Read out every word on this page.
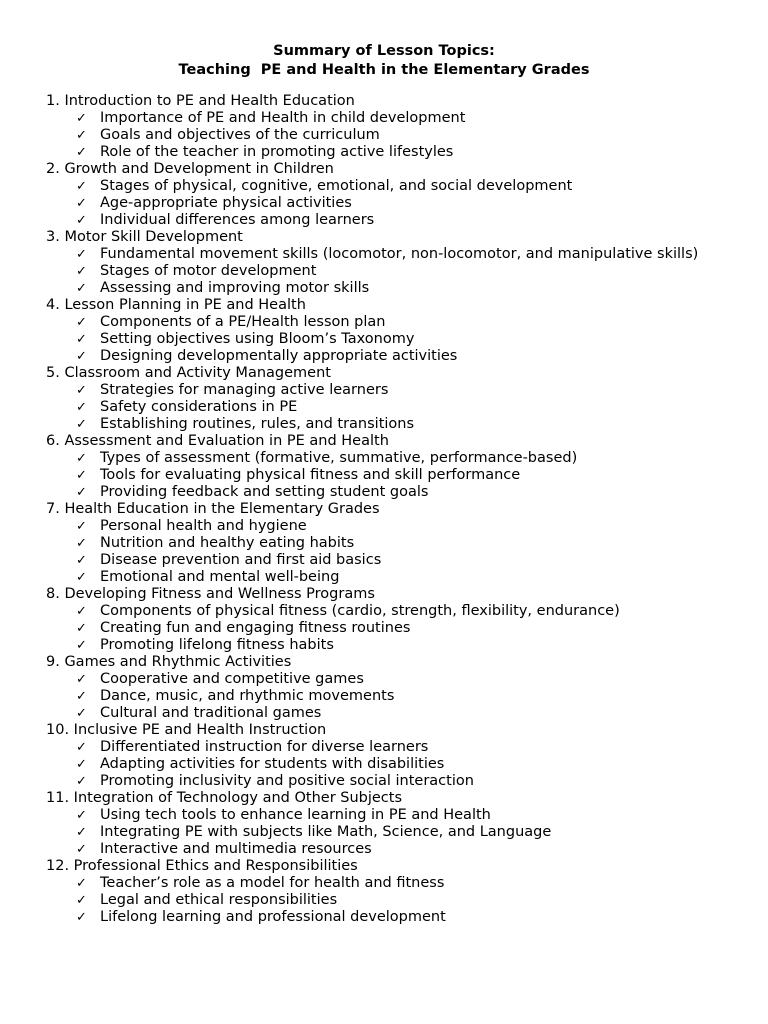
Summary of Lesson Topics:
Teaching  PE and Health in the Elementary Grades
1. Introduction to PE and Health Education
✓ Importance of PE and Health in child development
✓ Goals and objectives of the curriculum
✓ Role of the teacher in promoting active lifestyles
2. Growth and Development in Children
✓ Stages of physical, cognitive, emotional, and social development
✓ Age-appropriate physical activities
✓ Individual differences among learners
3. Motor Skill Development
✓ Fundamental movement skills (locomotor, non-locomotor, and manipulative skills)
✓ Stages of motor development
✓ Assessing and improving motor skills
4. Lesson Planning in PE and Health
✓ Components of a PE/Health lesson plan
✓ Setting objectives using Bloom’s Taxonomy
✓ Designing developmentally appropriate activities
5. Classroom and Activity Management
✓ Strategies for managing active learners
✓ Safety considerations in PE
✓ Establishing routines, rules, and transitions
6. Assessment and Evaluation in PE and Health
✓ Types of assessment (formative, summative, performance-based)
✓ Tools for evaluating physical fitness and skill performance
✓ Providing feedback and setting student goals
7. Health Education in the Elementary Grades
✓ Personal health and hygiene
✓ Nutrition and healthy eating habits
✓ Disease prevention and first aid basics
✓ Emotional and mental well-being
8. Developing Fitness and Wellness Programs
✓ Components of physical fitness (cardio, strength, flexibility, endurance)
✓ Creating fun and engaging fitness routines
✓ Promoting lifelong fitness habits
9. Games and Rhythmic Activities
✓ Cooperative and competitive games
✓ Dance, music, and rhythmic movements
✓ Cultural and traditional games
10. Inclusive PE and Health Instruction
✓ Differentiated instruction for diverse learners
✓ Adapting activities for students with disabilities
✓ Promoting inclusivity and positive social interaction
11. Integration of Technology and Other Subjects
✓ Using tech tools to enhance learning in PE and Health
✓ Integrating PE with subjects like Math, Science, and Language
✓ Interactive and multimedia resources
12. Professional Ethics and Responsibilities
✓ Teacher’s role as a model for health and fitness
✓ Legal and ethical responsibilities
✓ Lifelong learning and professional development
